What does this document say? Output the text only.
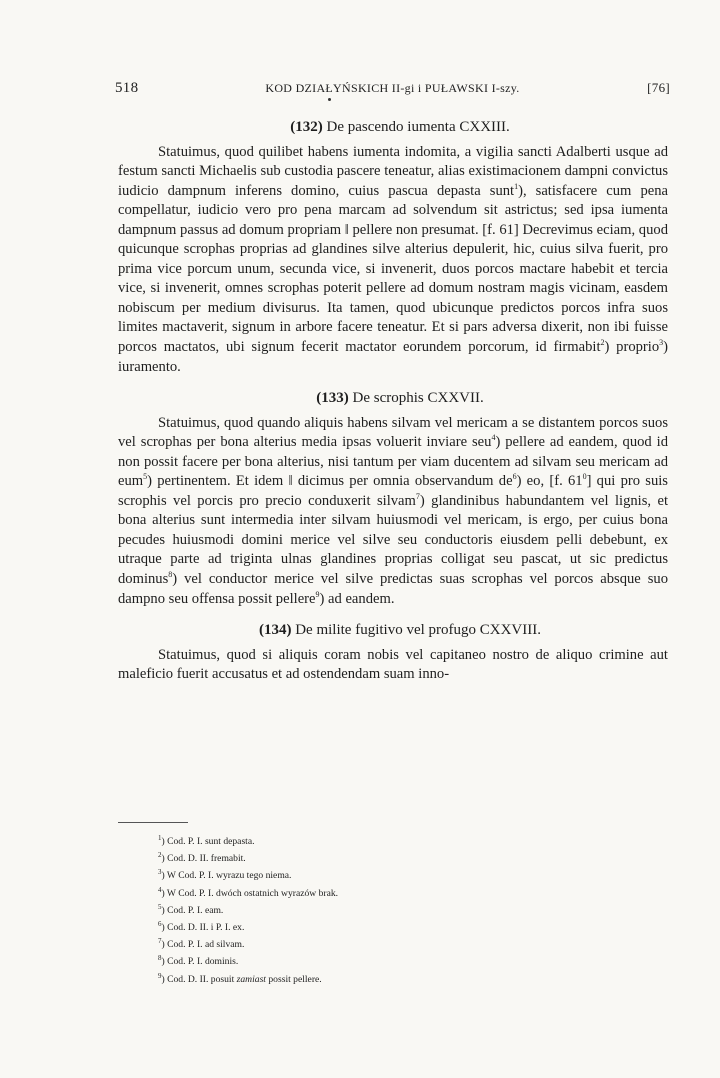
518	KOD DZIAŁYŃSKICH II-gi i PUŁAWSKI I-szy.	[76]
(132) De pascendo iumenta CXXIII.

Statuimus, quod quilibet habens iumenta indomita, a vigilia sancti Adalberti usque ad festum sancti Michaelis sub custodia pascere teneatur, alias existimacionem dampni convictus iudicio dampnum inferens domino, cuius pascua depasta sunt$^1$), satisfacere cum pena compellatur, iudicio vero pro pena marcam ad solvendum sit astrictus; sed ipsa iumenta dampnum passus ad domum propriam ‖ pellere non presumat. [f. 61] Decrevimus eciam, quod quicunque scrophas proprias ad glandines silve alterius depulerit, hic, cuius silva fuerit, pro prima vice porcum unum, secunda vice, si invenerit, duos porcos mactare habebit et tercia vice, si invenerit, omnes scrophas poterit pellere ad domum nostram magis vicinam, easdem nobiscum per medium divisurus. Ita tamen, quod ubicunque predictos porcos infra suos limites mactaverit, signum in arbore facere teneatur. Et si pars adversa dixerit, non ibi fuisse porcos mactatos, ubi signum fecerit mactator eorundem porcorum, id firmabit$^2$) proprio$^3$) iuramento.

(133) De scrophis CXXVII.

Statuimus, quod quando aliquis habens silvam vel mericam a se distantem porcos suos vel scrophas per bona alterius media ipsas voluerit inviare seu$^4$) pellere ad eandem, quod id non possit facere per bona alterius, nisi tantum per viam ducentem ad silvam seu mericam ad eum$^5$) pertinentem. Et idem ‖ dicimus per omnia observandum $de^6$) eo, [f. $61^0$] qui pro suis scrophis vel porcis pro precio conduxerit silvam$^7$) glandinibus habundantem vel lignis, et bona alterius sunt intermedia inter silvam huiusmodi vel mericam, is ergo, per cuius bona pecudes huiusmodi domini merice vel silve seu conductoris eiusdem pelli debebunt, ex utraque parte ad triginta ulnas glandines proprias colligat seu pascat, ut sic predictus dominus$^8$) vel conductor merice vel silve predictas suas scrophas vel porcos absque suo dampno seu offensa possit pellere$^9$) ad eandem.

(134) De milite fugitivo vel profugo CXXVIII.

Statuimus, quod si aliquis coram nobis vel capitaneo nostro de aliquo crimine aut maleficio fuerit accusatus et ad ostendendam suam inno-

$^1$) Cod. P. I. sunt depasta.
$^2$) Cod. D. II. fremabit.
$^3$) W Cod. P. I. wyrazu tego niema.
$^4$) W Cod. P. I. dwóch ostatnich wyrazów brak.
$^5$) Cod. P. I. eam.
$^6$) Cod. D. II. i P. I. ex.
$^7$) Cod. P. I. ad silvam.
$^8$) Cod. P. I. dominis.
$^9$) Cod. D. II. posuit zamiast possit pellere.
